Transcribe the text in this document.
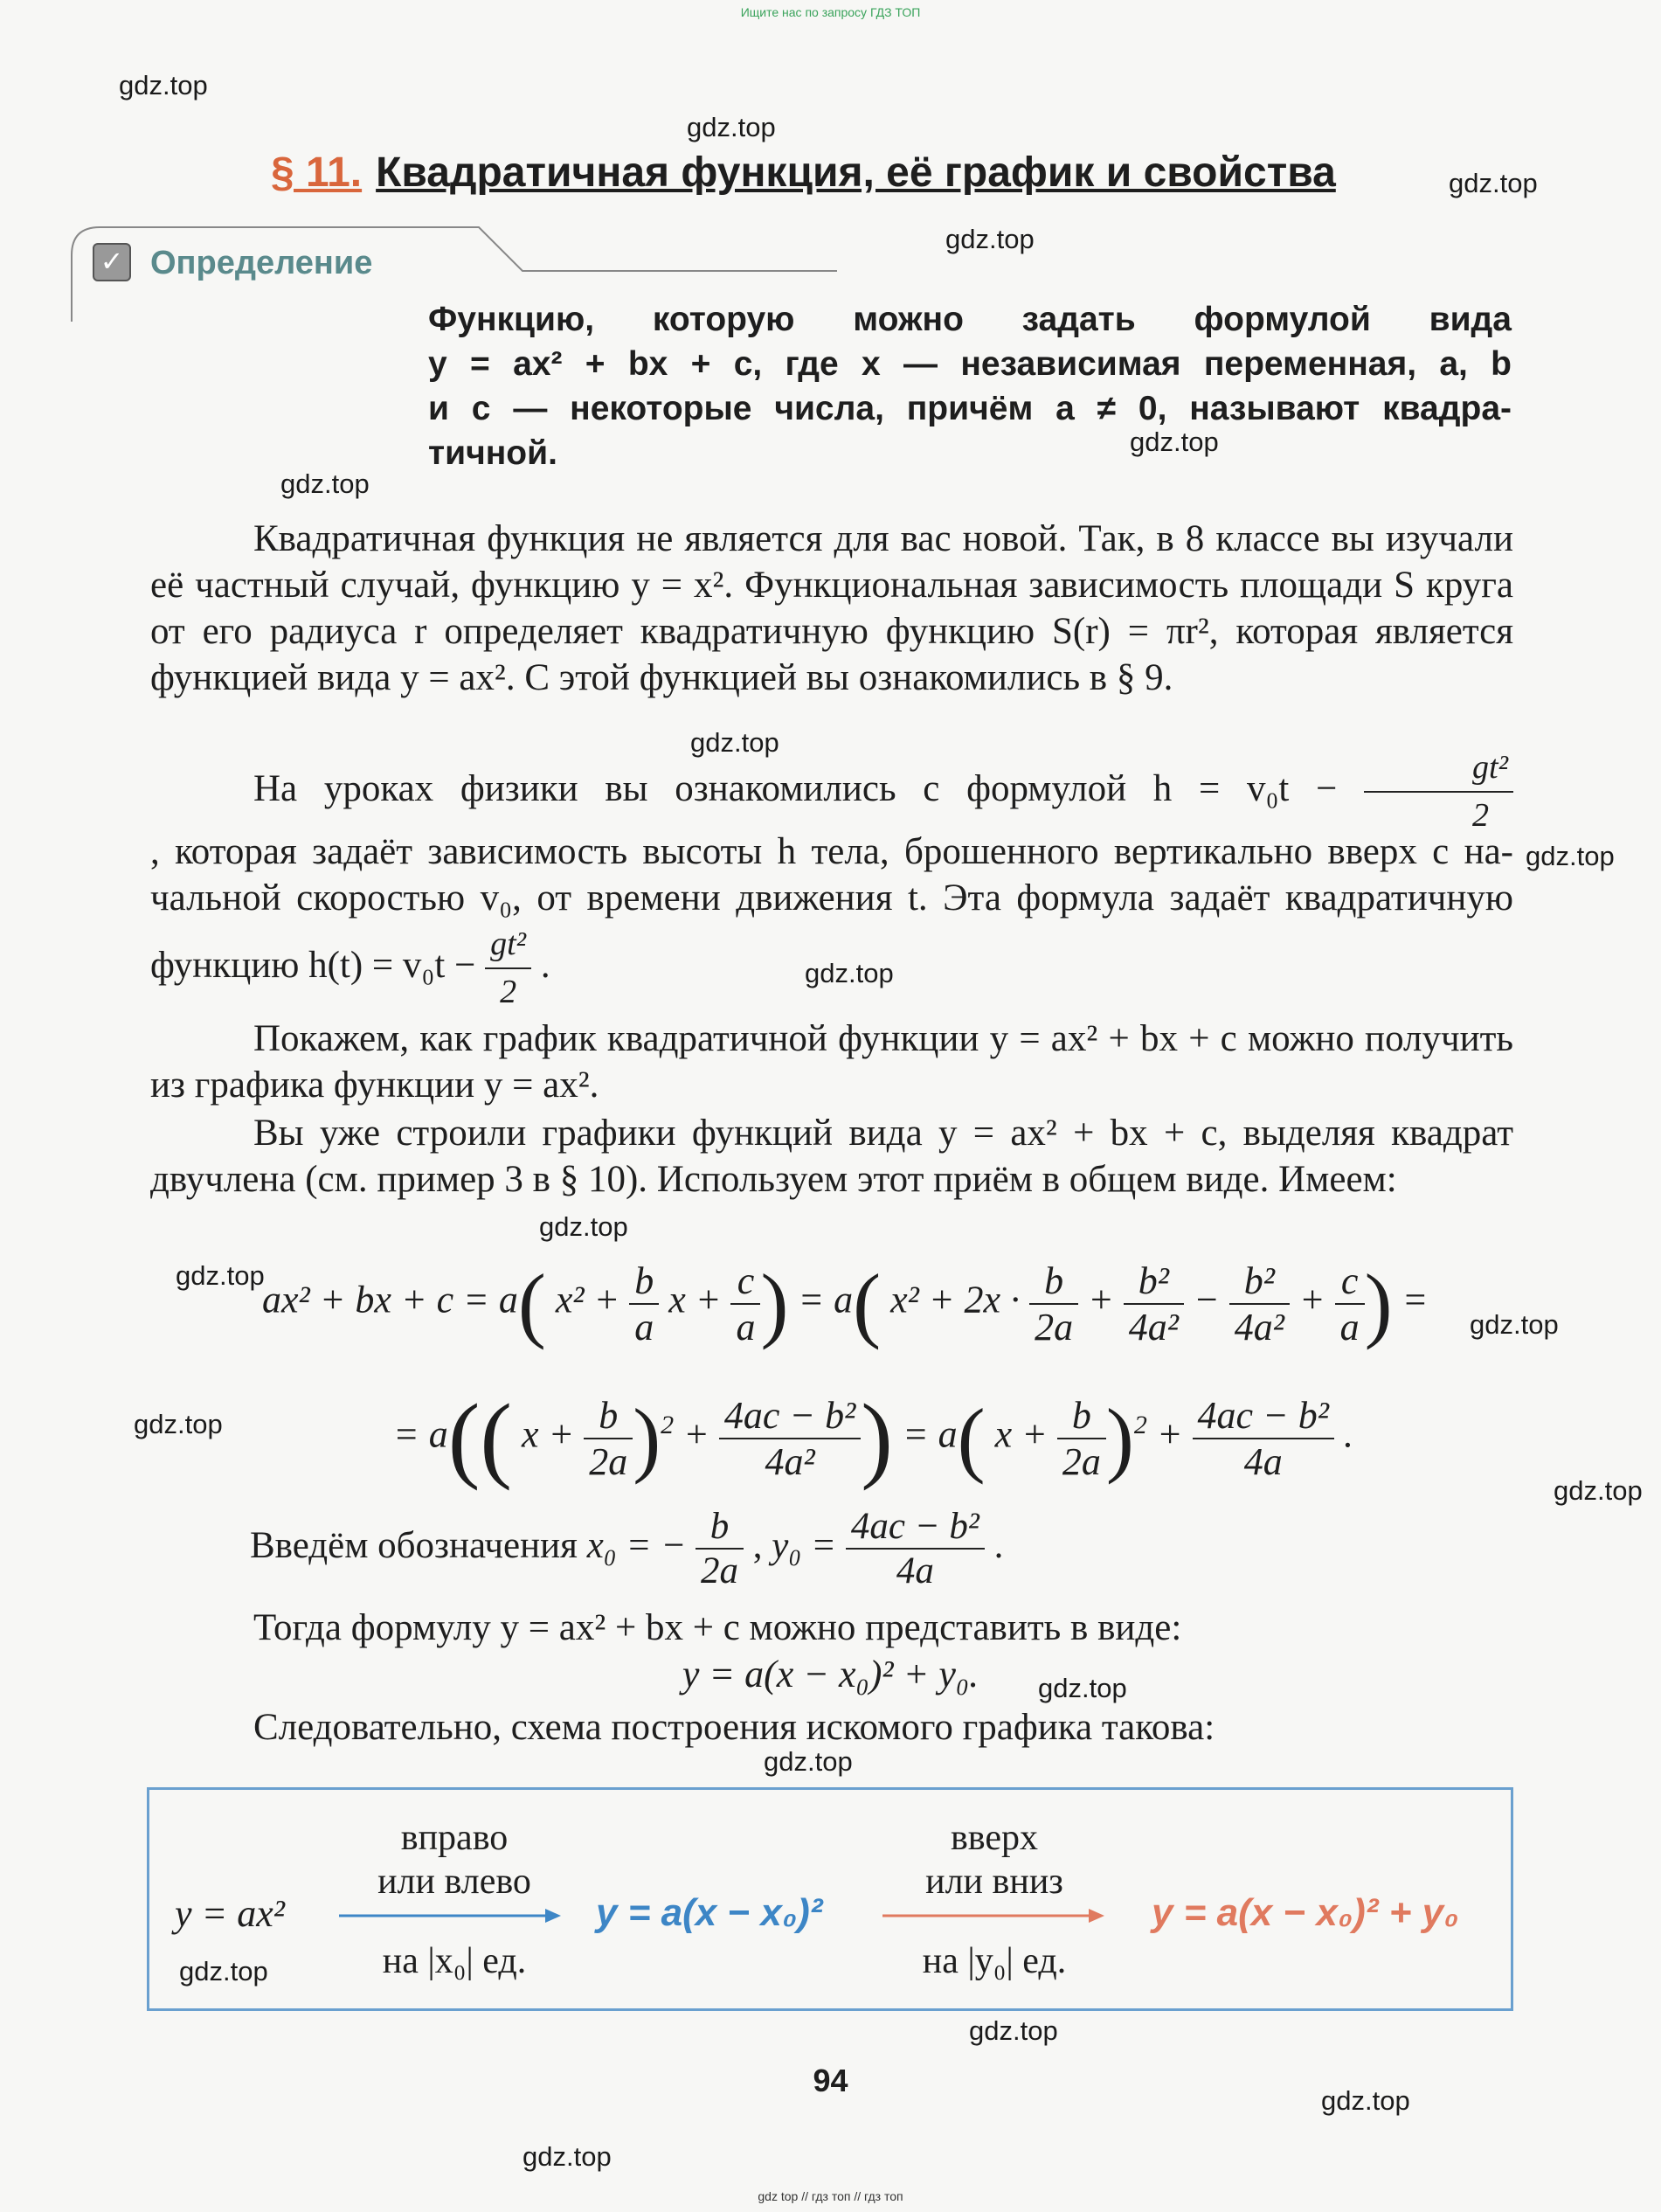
Ищите нас по запросу ГДЗ ТОП
gdz.top
gdz.top
gdz.top
gdz.top
gdz.top
gdz.top
gdz.top
gdz.top
gdz.top
gdz.top
gdz.top
gdz.top
gdz.top
gdz.top
gdz.top
gdz.top
gdz.top
gdz.top
gdz.top
gdz.top
§ 11. Квадратичная функция, её график и свойства
✓ Определение
Функцию, которую можно задать формулой вида
y = ax² + bx + c, где x — независимая переменная, a, b
и c — некоторые числа, причём a ≠ 0, называют квадра-
тичной.
Квадратичная функция не является для вас новой. Так, в 8 классе вы изучали её частный случай, функцию y = x². Функциональная зависимость площади S круга от его радиуса r определяет квадратичную функцию S(r) = πr², которая является функцией вида y = ax². С этой функцией вы ознакомились в § 9.
На уроках физики вы ознакомились с формулой $h = v_0t - \frac{\text{gt²}}{2}$
, которая задаёт зависимость высоты h тела, брошенного вертикально вверх с на-чальной скоростью v₀, от времени движения t. Эта формула задаёт квадратичную функцию $h(t) = v_0t - \frac{\text{gt²}}{2}$ .
Покажем, как график квадратичной функции y = ax² + bx + c можно получить из графика функции y = ax².
Вы уже строили графики функций вида y = ax² + bx + c, выделяя квадрат двучлена (см. пример 3 в § 10). Используем этот приём в общем виде. Имеем:
ax² + bx + c = a( $x^2 + \frac{b}{a}$ $x + \frac{c}{a}$ ) = a( $x^2 + 2x \cdot \frac{b}{2a} + \frac{\text{b²}}{\text{4a²}} - \frac{\text{b²}}{\text{4a²}} + \frac{c}{a}$ ) =
= a(( $x + \frac{b}{2a} )^2 + \frac{\text{4ac − b²}}{\text{4a²}}$ ) = a( $x + \frac{b}{2a} )^2 + \frac{\text{4ac − b²}}{4a}$ .
Введём обозначения x₀ = − $\frac{b}{2a}$ , $y_0 = \frac{\text{4ac − b²}}{4a}$ .
Тогда формулу y = ax² + bx + c можно представить в виде:
y = a(x − x₀)² + y₀.
Следовательно, схема построения искомого графика такова:
y = ax²
вправо
или влево
на |x₀| ед.
y = a(x − x₀)²
вверх
или вниз
на |y₀| ед.
y = a(x − x₀)² + y₀
94
gdz top // гдз топ // гдз топ
